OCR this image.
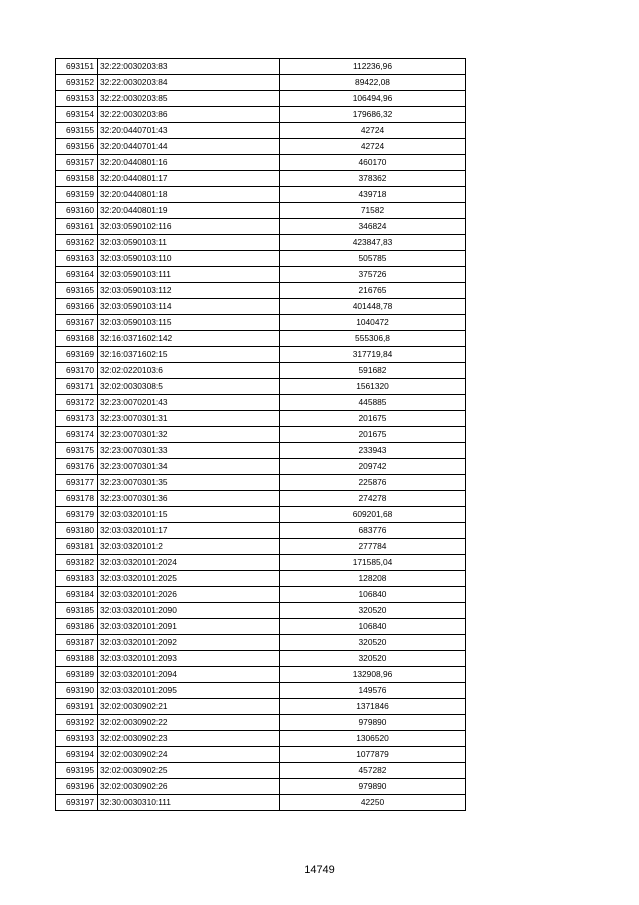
693151	32:22:0030203:83	112236,96
693152	32:22:0030203:84	89422,08
693153	32:22:0030203:85	106494,96
693154	32:22:0030203:86	179686,32
693155	32:20:0440701:43	42724
693156	32:20:0440701:44	42724
693157	32:20:0440801:16	460170
693158	32:20:0440801:17	378362
693159	32:20:0440801:18	439718
693160	32:20:0440801:19	71582
693161	32:03:0590102:116	346824
693162	32:03:0590103:11	423847,83
693163	32:03:0590103:110	505785
693164	32:03:0590103:111	375726
693165	32:03:0590103:112	216765
693166	32:03:0590103:114	401448,78
693167	32:03:0590103:115	1040472
693168	32:16:0371602:142	555306,8
693169	32:16:0371602:15	317719,84
693170	32:02:0220103:6	591682
693171	32:02:0030308:5	1561320
693172	32:23:0070201:43	445885
693173	32:23:0070301:31	201675
693174	32:23:0070301:32	201675
693175	32:23:0070301:33	233943
693176	32:23:0070301:34	209742
693177	32:23:0070301:35	225876
693178	32:23:0070301:36	274278
693179	32:03:0320101:15	609201,68
693180	32:03:0320101:17	683776
693181	32:03:0320101:2	277784
693182	32:03:0320101:2024	171585,04
693183	32:03:0320101:2025	128208
693184	32:03:0320101:2026	106840
693185	32:03:0320101:2090	320520
693186	32:03:0320101:2091	106840
693187	32:03:0320101:2092	320520
693188	32:03:0320101:2093	320520
693189	32:03:0320101:2094	132908,96
693190	32:03:0320101:2095	149576
693191	32:02:0030902:21	1371846
693192	32:02:0030902:22	979890
693193	32:02:0030902:23	1306520
693194	32:02:0030902:24	1077879
693195	32:02:0030902:25	457282
693196	32:02:0030902:26	979890
693197	32:30:0030310:111	42250
14749
